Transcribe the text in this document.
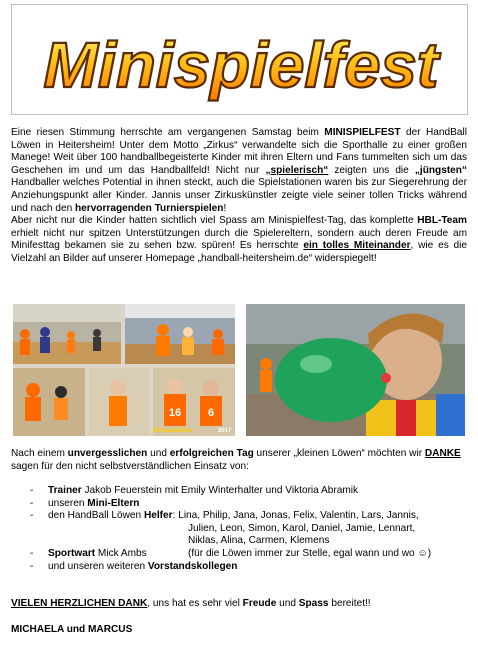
Minispielfest

Eine riesen Stimmung herrschte am vergangenen Samstag beim MINISPIELFEST der HandBall Löwen in Heitersheim! Unter dem Motto „Zirkus“ verwandelte sich die Sporthalle zu einer großen Manege! Weit über 100 handballbegeisterte Kinder mit ihren Eltern und Fans tummelten sich um das Geschehen im und um das Handballfeld! Nicht nur „spielerisch“ zeigten uns die „jüngsten“ Handballer welches Potential in ihnen steckt, auch die Spielstationen waren bis zur Siegerehrung der Anziehungspunkt aller Kinder. Jannis unser Zirkuskünstler zeigte viele seiner tollen Tricks während und nach den hervorragenden Turnierspielen!

Aber nicht nur die Kinder hatten sichtlich viel Spass am Minispielfest-Tag, das komplette HBL-Team erhielt nicht nur spitzen Unterstützungen durch die Spielereltern, sondern auch deren Freude am Minifesttag bekamen sie zu sehen bzw. spüren! Es herrschte ein tolles Miteinander, wie es die Vielzahl an Bilder auf unserer Homepage „handball-heitersheim.de“ widerspiegelt!

16 6
Minispielfest	2017
Nach einem unvergesslichen und erfolgreichen Tag unserer „kleinen Löwen“ möchten wir DANKE sagen für den nicht selbstverständlichen Einsatz von:
-	Trainer Jakob Feuerstein mit Emily Winterhalter und Viktoria Abramik
-	unseren Mini-Eltern
-	den HandBall Löwen Helfer: Lina, Philip, Jana, Jonas, Felix, Valentin, Lars, Jannis,
Julien, Leon, Simon, Karol, Daniel, Jamie, Lennart,
Niklas, Alina, Carmen, Klemens
-	Sportwart Mick Ambs	(für die Löwen immer zur Stelle, egal wann und wo ☺)
-	und unseren weiteren Vorstandskollegen
VIELEN HERZLICHEN DANK, uns hat es sehr viel Freude und Spass bereitet!!
MICHAELA und MARCUS
